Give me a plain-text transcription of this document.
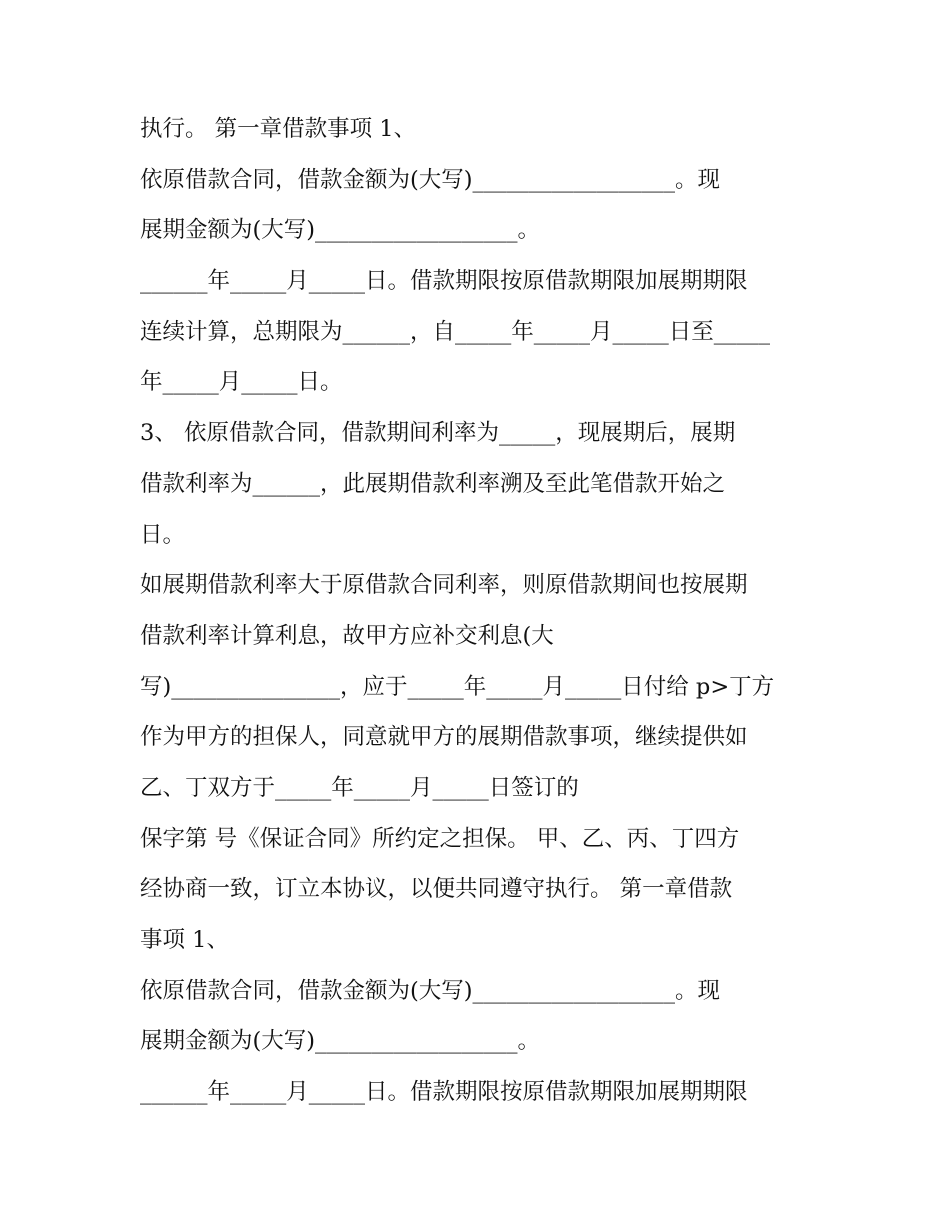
执行。 第一章借款事项 1、
依原借款合同，借款金额为(大写)__________________。现
展期金额为(大写)__________________。
______年_____月_____日。借款期限按原借款期限加展期期限
连续计算，总期限为______，自_____年_____月_____日至_____
年_____月_____日。
3、 依原借款合同，借款期间利率为_____，现展期后，展期
借款利率为______，此展期借款利率溯及至此笔借款开始之
日。
如展期借款利率大于原借款合同利率，则原借款期间也按展期
借款利率计算利息，故甲方应补交利息(大
写)_______________，应于_____年_____月_____日付给 p>丁方
作为甲方的担保人，同意就甲方的展期借款事项，继续提供如
乙、丁双方于_____年_____月_____日签订的
保字第 号《保证合同》所约定之担保。 甲、乙、丙、丁四方
经协商一致，订立本协议，以便共同遵守执行。 第一章借款
事项 1、
依原借款合同，借款金额为(大写)__________________。现
展期金额为(大写)__________________。
______年_____月_____日。借款期限按原借款期限加展期期限
